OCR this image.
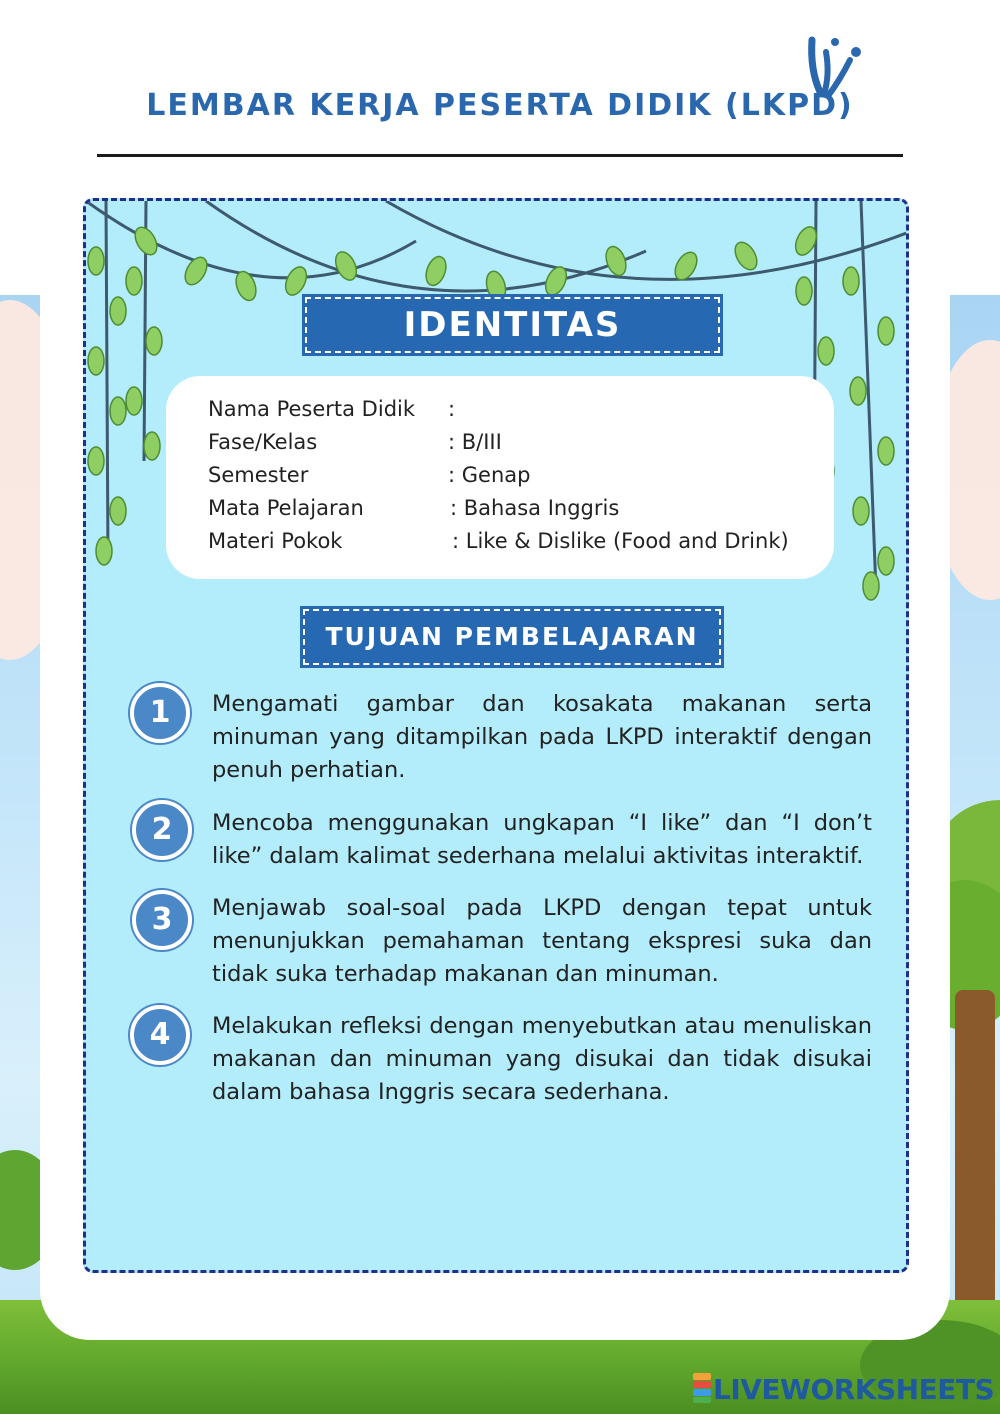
LEMBAR KERJA PESERTA DIDIK (LKPD)
IDENTITAS
Nama Peserta Didik :
Fase/Kelas	: B/III
Semester	: Genap
Mata Pelajaran	: Bahasa Inggris
Materi Pokok	: Like & Dislike (Food and Drink)
TUJUAN PEMBELAJARAN
1	Mengamati gambar dan kosakata makanan serta minuman yang ditampilkan pada LKPD interaktif dengan penuh perhatian.
2	Mencoba menggunakan ungkapan “I like” dan “I don’t like” dalam kalimat sederhana melalui aktivitas interaktif.
3	Menjawab soal-soal pada LKPD dengan tepat untuk menunjukkan pemahaman tentang ekspresi suka dan tidak suka terhadap makanan dan minuman.
4	Melakukan refleksi dengan menyebutkan atau menuliskan makanan dan minuman yang disukai dan tidak disukai dalam bahasa Inggris secara sederhana.
LIVEWORKSHEETS
